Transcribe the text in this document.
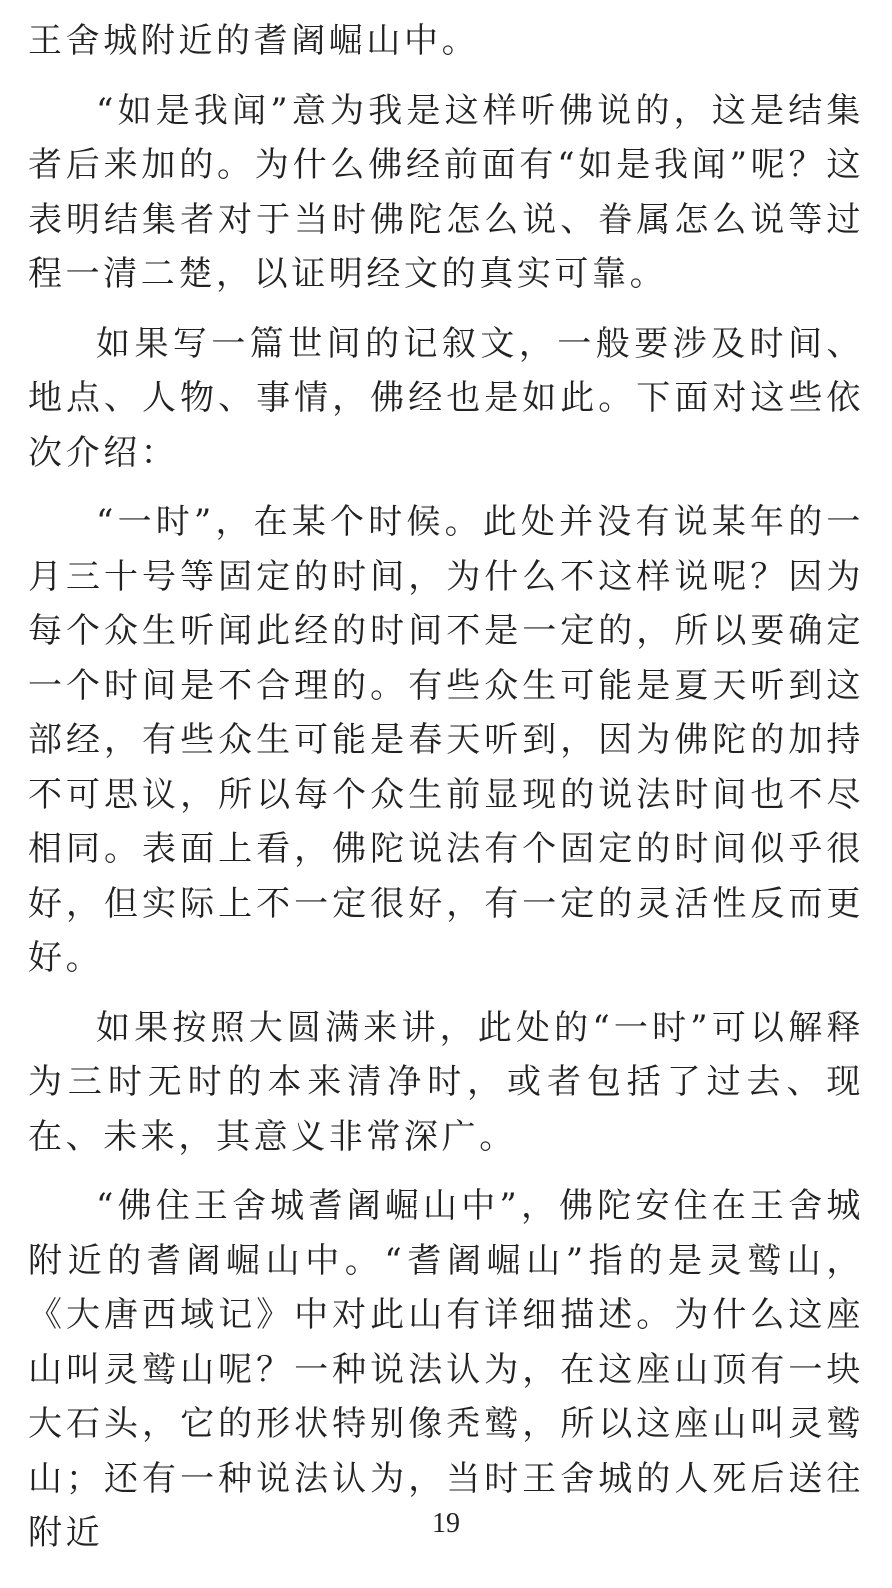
王舍城附近的耆阇崛山中。

“如是我闻”意为我是这样听佛说的，这是结集者后来加的。为什么佛经前面有“如是我闻”呢？这表明结集者对于当时佛陀怎么说、眷属怎么说等过程一清二楚，以证明经文的真实可靠。

如果写一篇世间的记叙文，一般要涉及时间、地点、人物、事情，佛经也是如此。下面对这些依次介绍：

“一时”，在某个时候。此处并没有说某年的一月三十号等固定的时间，为什么不这样说呢？因为每个众生听闻此经的时间不是一定的，所以要确定一个时间是不合理的。有些众生可能是夏天听到这部经，有些众生可能是春天听到，因为佛陀的加持不可思议，所以每个众生前显现的说法时间也不尽相同。表面上看，佛陀说法有个固定的时间似乎很好，但实际上不一定很好，有一定的灵活性反而更好。

如果按照大圆满来讲，此处的“一时”可以解释为三时无时的本来清净时，或者包括了过去、现在、未来，其意义非常深广。

“佛住王舍城耆阇崛山中”，佛陀安住在王舍城附近的耆阇崛山中。“耆阇崛山”指的是灵鹫山，《大唐西域记》中对此山有详细描述。为什么这座山叫灵鹫山呢？一种说法认为，在这座山顶有一块大石头，它的形状特别像秃鹫，所以这座山叫灵鹫山；还有一种说法认为，当时王舍城的人死后送往附近	19
